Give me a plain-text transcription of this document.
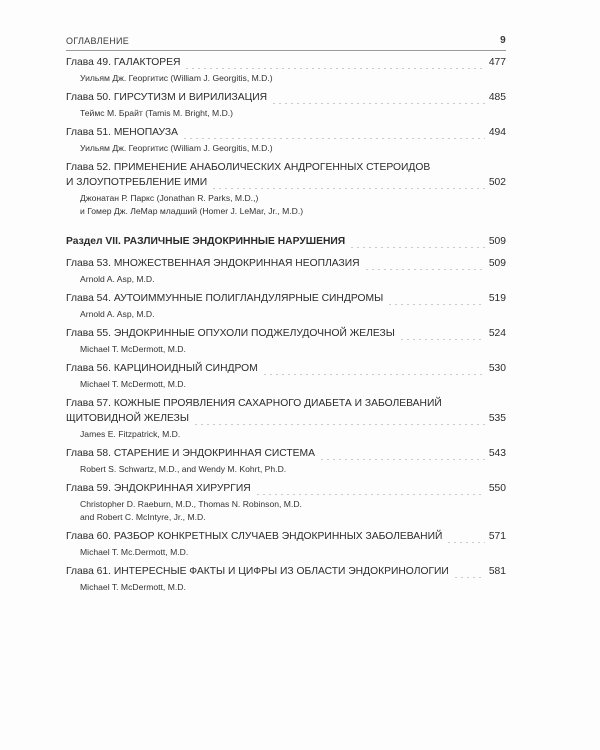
ОГЛАВЛЕНИЕ	9
Глава 49. ГАЛАКТОРЕЯ	477
Уильям Дж. Георгитис (William J. Georgitis, M.D.)
Глава 50. ГИРСУТИЗМ И ВИРИЛИЗАЦИЯ	485
Теймс М. Брайт (Tamis M. Bright, M.D.)
Глава 51. МЕНОПАУЗА	494
Уильям Дж. Георгитис (William J. Georgitis, M.D.)
Глава 52. ПРИМЕНЕНИЕ АНАБОЛИЧЕСКИХ АНДРОГЕННЫХ СТЕРОИДОВ
И ЗЛОУПОТРЕБЛЕНИЕ ИМИ	502
Джонатан Р. Паркс (Jonathan R. Parks, M.D.,)
и Гомер Дж. ЛеМар младший (Homer J. LeMar, Jr., M.D.)
Раздел VII. РАЗЛИЧНЫЕ ЭНДОКРИННЫЕ НАРУШЕНИЯ	509
Глава 53. МНОЖЕСТВЕННАЯ ЭНДОКРИННАЯ НЕОПЛАЗИЯ	509
Arnold A. Asp, M.D.
Глава 54. АУТОИММУННЫЕ ПОЛИГЛАНДУЛЯРНЫЕ СИНДРОМЫ	519
Arnold A. Asp, M.D.
Глава 55. ЭНДОКРИННЫЕ ОПУХОЛИ ПОДЖЕЛУДОЧНОЙ ЖЕЛЕЗЫ	524
Michael T. McDermott, M.D.
Глава 56. КАРЦИНОИДНЫЙ СИНДРОМ	530
Michael T. McDermott, M.D.
Глава 57. КОЖНЫЕ ПРОЯВЛЕНИЯ САХАРНОГО ДИАБЕТА И ЗАБОЛЕВАНИЙ
ЩИТОВИДНОЙ ЖЕЛЕЗЫ	535
James E. Fitzpatrick, M.D.
Глава 58. СТАРЕНИЕ И ЭНДОКРИННАЯ СИСТЕМА	543
Robert S. Schwartz, M.D., and Wendy M. Kohrt, Ph.D.
Глава 59. ЭНДОКРИННАЯ ХИРУРГИЯ	550
Christopher D. Raeburn, M.D., Thomas N. Robinson, M.D.
and Robert C. McIntyre, Jr., M.D.
Глава 60. РАЗБОР КОНКРЕТНЫХ СЛУЧАЕВ ЭНДОКРИННЫХ ЗАБОЛЕВАНИЙ	571
Michael T. Mc.Dermott, M.D.
Глава 61. ИНТЕРЕСНЫЕ ФАКТЫ И ЦИФРЫ ИЗ ОБЛАСТИ ЭНДОКРИНОЛОГИИ	581
Michael T. McDermott, M.D.
